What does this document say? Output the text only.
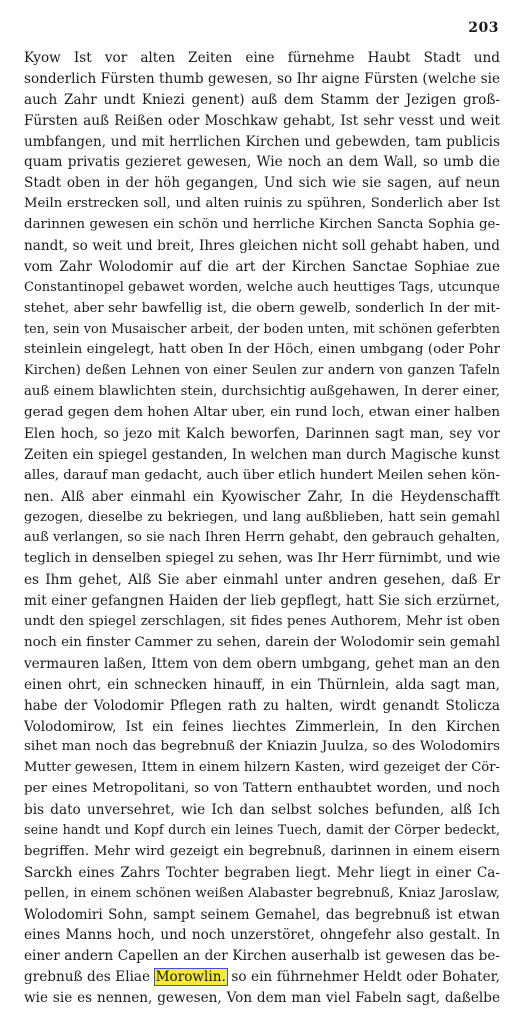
203
Kyow Ist vor alten Zeiten eine fürnehme Haubt Stadt und
sonderlich Fürsten thumb gewesen, so Ihr aigne Fürsten (welche sie
auch Zahr undt Kniezi genent) auß dem Stamm der Jezigen groß-
Fürsten auß Reißen oder Moschkaw gehabt, Ist sehr vesst und weit
umbfangen, und mit herrlichen Kirchen und gebewden, tam publicis
quam privatis gezieret gewesen, Wie noch an dem Wall, so umb die
Stadt oben in der höh gegangen, Und sich wie sie sagen, auf neun
Meiln erstrecken soll, und alten ruinis zu spühren, Sonderlich aber Ist
darinnen gewesen ein schön und herrliche Kirchen Sancta Sophia ge-
nandt, so weit und breit, Ihres gleichen nicht soll gehabt haben, und
vom Zahr Wolodomir auf die art der Kirchen Sanctae Sophiae zue
Constantinopel gebawet worden, welche auch heuttiges Tags, utcunque
stehet, aber sehr bawfellig ist, die obern gewelb, sonderlich In der mit-
ten, sein von Musaischer arbeit, der boden unten, mit schönen geferbten
steinlein eingelegt, hatt oben In der Höch, einen umbgang (oder Pohr
Kirchen) deßen Lehnen von einer Seulen zur andern von ganzen Tafeln
auß einem blawlichten stein, durchsichtig außgehawen, In derer einer,
gerad gegen dem hohen Altar uber, ein rund loch, etwan einer halben
Elen hoch, so jezo mit Kalch beworfen, Darinnen sagt man, sey vor
Zeiten ein spiegel gestanden, In welchen man durch Magische kunst
alles, darauf man gedacht, auch über etlich hundert Meilen sehen kön-
nen. Alß aber einmahl ein Kyowischer Zahr, In die Heydenschafft
gezogen, dieselbe zu bekriegen, und lang außblieben, hatt sein gemahl
auß verlangen, so sie nach Ihren Herrn gehabt, den gebrauch gehalten,
teglich in denselben spiegel zu sehen, was Ihr Herr fürnimbt, und wie
es Ihm gehet, Alß Sie aber einmahl unter andren gesehen, daß Er
mit einer gefangnen Haiden der lieb gepflegt, hatt Sie sich erzürnet,
undt den spiegel zerschlagen, sit fides penes Authorem, Mehr ist oben
noch ein finster Cammer zu sehen, darein der Wolodomir sein gemahl
vermauren laßen, Ittem von dem obern umbgang, gehet man an den
einen ohrt, ein schnecken hinauff, in ein Thürnlein, alda sagt man,
habe der Volodomir Pflegen rath zu halten, wirdt genandt Stolicza
Volodomirow, Ist ein feines liechtes Zimmerlein, In den Kirchen
sihet man noch das begrebnuß der Kniazin Juulza, so des Wolodomirs
Mutter gewesen, Ittem in einem hilzern Kasten, wird gezeiget der Cör-
per eines Metropolitani, so von Tattern enthaubtet worden, und noch
bis dato unversehret, wie Ich dan selbst solches befunden, alß Ich
seine handt und Kopf durch ein leines Tuech, damit der Cörper bedeckt,
begriffen. Mehr wird gezeigt ein begrebnuß, darinnen in einem eisern
Sarckh eines Zahrs Tochter begraben liegt. Mehr liegt in einer Ca-
pellen, in einem schönen weißen Alabaster begrebnuß, Kniaz Jaroslaw,
Wolodomiri Sohn, sampt seinem Gemahel, das begrebnuß ist etwan
eines Manns hoch, und noch unzerstöret, ohngefehr also gestalt. In
einer andern Capellen an der Kirchen auserhalb ist gewesen das be-
grebnuß des Eliae Morowlin. so ein führnehmer Heldt oder Bohater,
wie sie es nennen, gewesen, Von dem man viel Fabeln sagt, daßelbe
